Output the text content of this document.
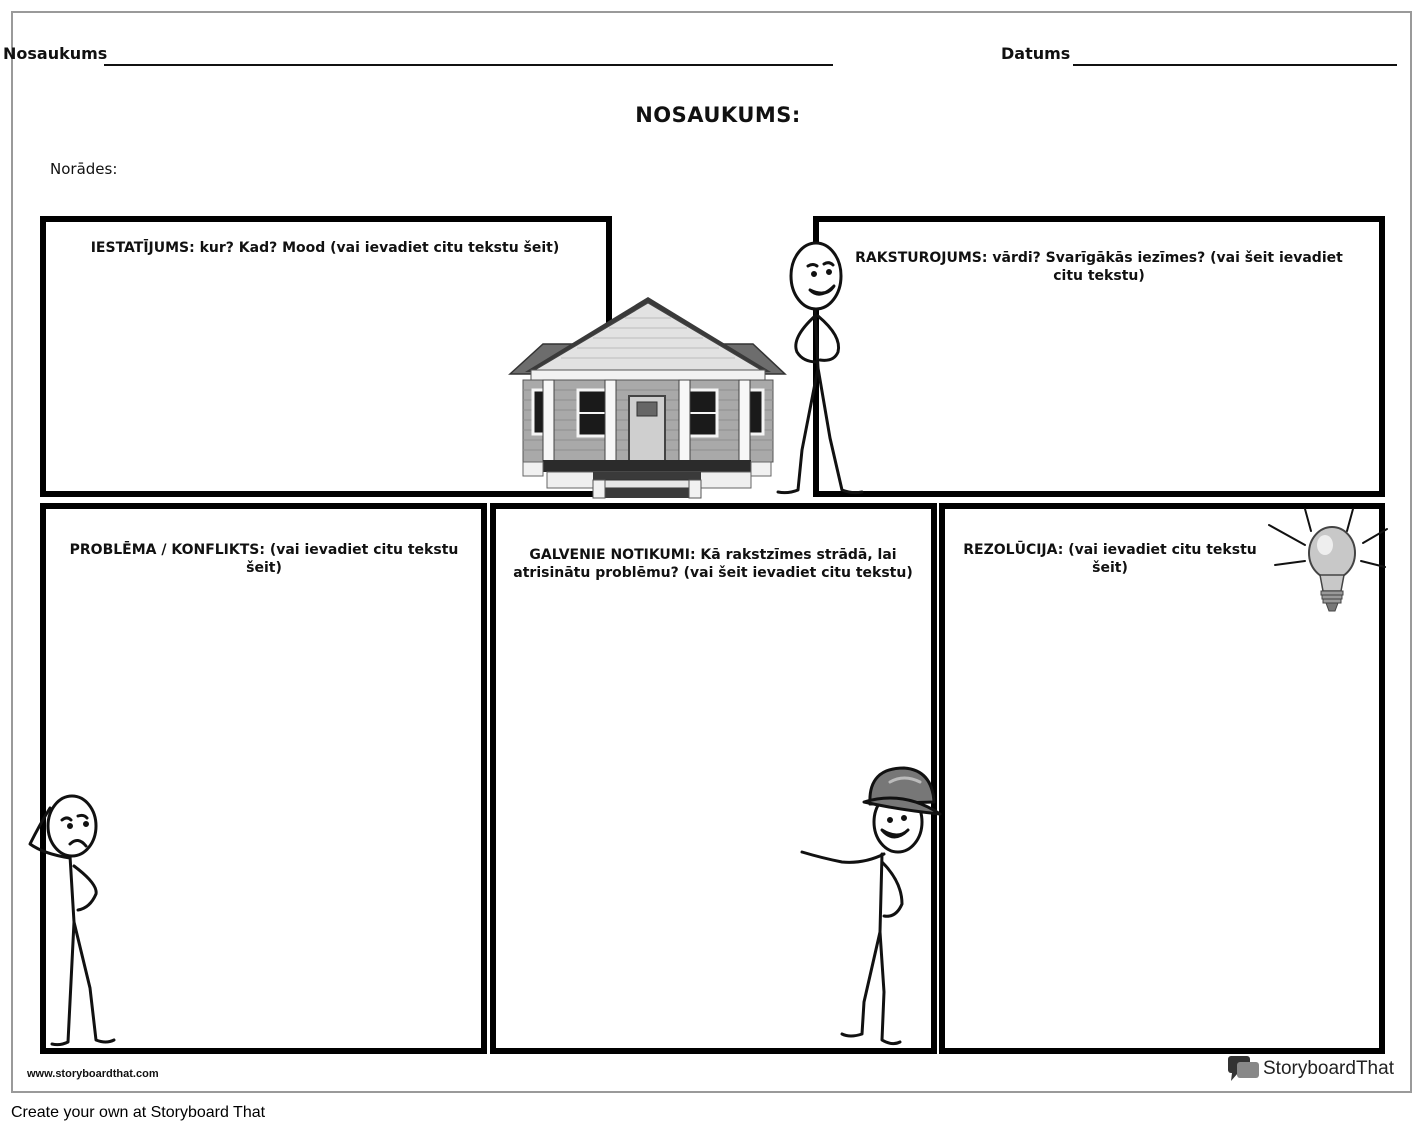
Nosaukums	Datums
NOSAUKUMS:
Norādes:
IESTATĪJUMS: kur? Kad? Mood (vai ievadiet citu tekstu šeit)
RAKSTUROJUMS: vārdi? Svarīgākās iezīmes? (vai šeit ievadiet citu tekstu)
PROBLĒMA / KONFLIKTS: (vai ievadiet citu tekstu šeit)
GALVENIE NOTIKUMI: Kā rakstzīmes strādā, lai
atrisinātu problēmu? (vai šeit ievadiet citu tekstu)
REZOLŪCIJA: (vai ievadiet citu tekstu šeit)
www.storyboardthat.com	Storyboard That
Create your own at Storyboard That
